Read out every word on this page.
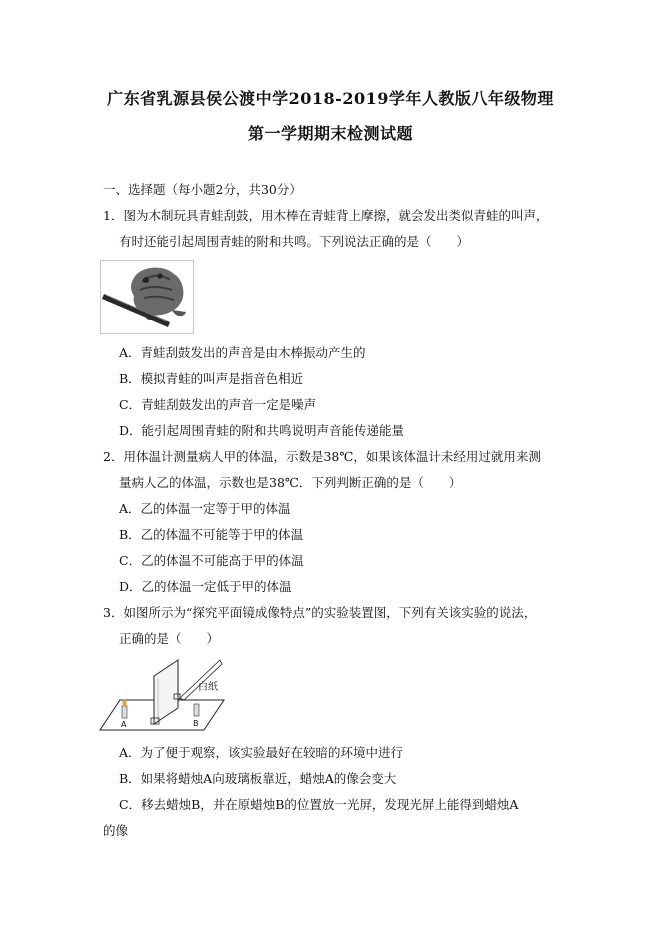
广东省乳源县侯公渡中学2018-2019学年人教版八年级物理
第一学期期末检测试题
一、选择题（每小题2分，共30分）
1．图为木制玩具青蛙刮鼓，用木棒在青蛙背上摩擦，就会发出类似青蛙的叫声，
有时还能引起周围青蛙的附和共鸣。下列说法正确的是（　　）
A．青蛙刮鼓发出的声音是由木棒振动产生的
B．模拟青蛙的叫声是指音色相近
C．青蛙刮鼓发出的声音一定是噪声
D．能引起周围青蛙的附和共鸣说明声音能传递能量
2．用体温计测量病人甲的体温，示数是38℃，如果该体温计未经用过就用来测
量病人乙的体温，示数也是38℃．下列判断正确的是（　　）
A．乙的体温一定等于甲的体温
B．乙的体温不可能等于甲的体温
C．乙的体温不可能高于甲的体温
D．乙的体温一定低于甲的体温
3．如图所示为“探究平面镜成像特点”的实验装置图，下列有关该实验的说法，
正确的是（　　）
白纸
A	B
A．为了便于观察，该实验最好在较暗的环境中进行
B．如果将蜡烛A向玻璃板靠近，蜡烛A的像会变大
C．移去蜡烛B，并在原蜡烛B的位置放一光屏，发现光屏上能得到蜡烛A
的像
